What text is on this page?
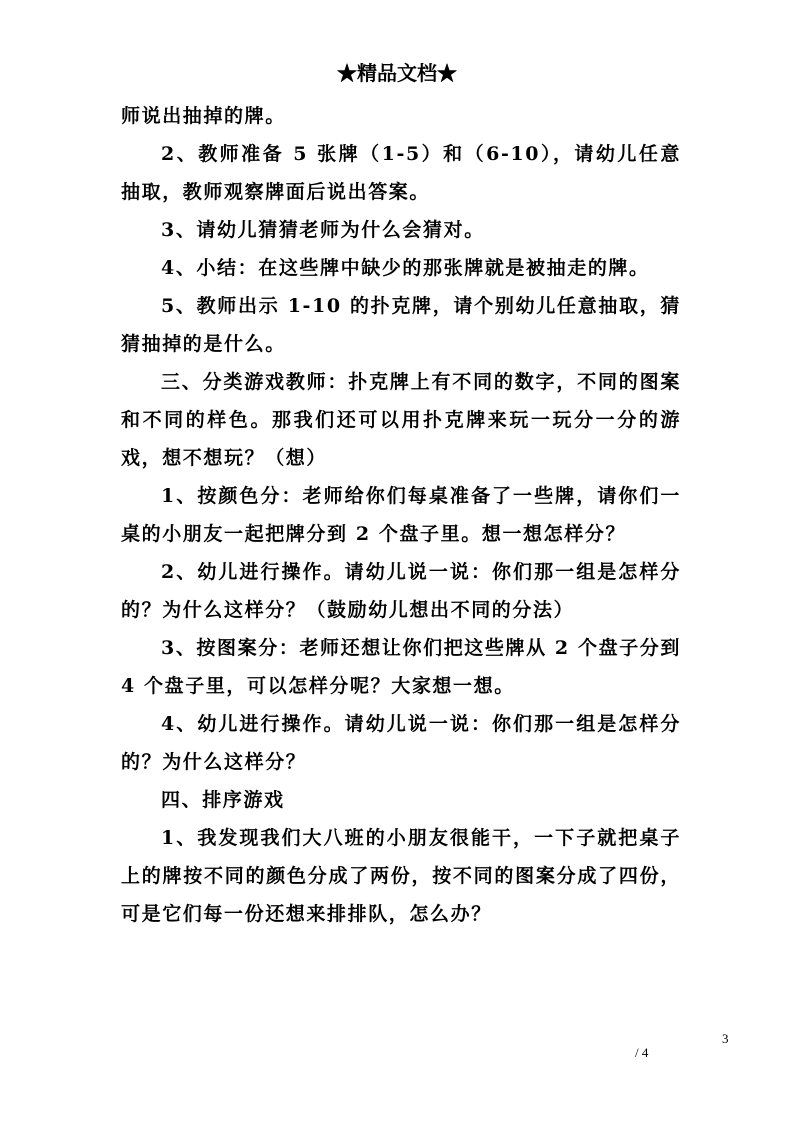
★精品文档★

师说出抽掉的牌。

2、教师准备 5 张牌（1-5）和（6-10），请幼儿任意抽取，教师观察牌面后说出答案。

3、请幼儿猜猜老师为什么会猜对。

4、小结：在这些牌中缺少的那张牌就是被抽走的牌。

5、教师出示 1-10 的扑克牌，请个别幼儿任意抽取，猜猜抽掉的是什么。

三、分类游戏教师：扑克牌上有不同的数字，不同的图案和不同的样色。那我们还可以用扑克牌来玩一玩分一分的游戏，想不想玩？（想）

1、按颜色分：老师给你们每桌准备了一些牌，请你们一桌的小朋友一起把牌分到 2 个盘子里。想一想怎样分？

2、幼儿进行操作。请幼儿说一说：你们那一组是怎样分的？为什么这样分？（鼓励幼儿想出不同的分法）

3、按图案分：老师还想让你们把这些牌从 2 个盘子分到 4 个盘子里，可以怎样分呢？大家想一想。

4、幼儿进行操作。请幼儿说一说：你们那一组是怎样分的？为什么这样分？

四、排序游戏

1、我发现我们大八班的小朋友很能干，一下子就把桌子上的牌按不同的颜色分成了两份，按不同的图案分成了四份，可是它们每一份还想来排排队，怎么办？

3
/ 4
